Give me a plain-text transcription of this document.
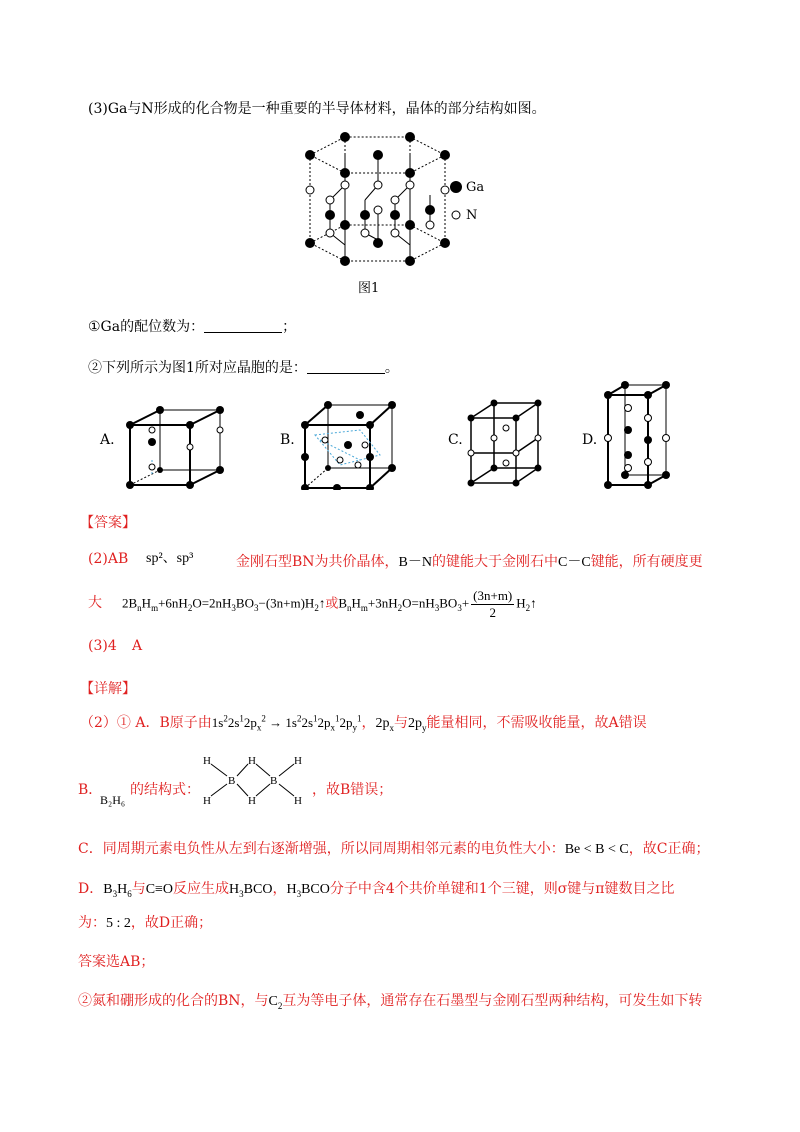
(3)Ga与N形成的化合物是一种重要的半导体材料，晶体的部分结构如图。
Ga
N
图1
①Ga的配位数为：	；
②下列所示为图1所对应晶胞的是：	。
A.	B.	C.	D.
【答案】
(2)AB sp²、sp³	金刚石型BN为共价晶体，B－N的键能大于金刚石中C－C键能，所有硬度更
大 $2B_nH_m+6nH_2O=2nH_3BO_3-(3n+m)H_2↑$或$B_nH_m+3nH_2O=nH_3BO_3+ \frac{(3n+m)}{2}$ $H_2↑$
(3)4 A
【详解】
（2）① A．B原子由$1s^22s^12p_x^2 \to 1s^22s^12p_x^12p_y^1$，$2p_x$与$2p_y$能量相同，不需吸收能量，故A错误
B．
B₂H₆
的结构式：
H
H
B
H
H
B
H
H
，故B错误；
C．同周期元素电负性从左到右逐渐增强，所以同周期相邻元素的电负性大小：Be < B < C，故C正确；
D．$B_3H_6$与C≡O反应生成$H_3BCO$，$H_3BCO$分子中含4个共价单键和1个三键，则σ键与π键数目之比
为：5 : 2，故D正确；
答案选AB；
②氮和硼形成的化合的BN，与$C_2$互为等电子体，通常存在石墨型与金刚石型两种结构，可发生如下转
